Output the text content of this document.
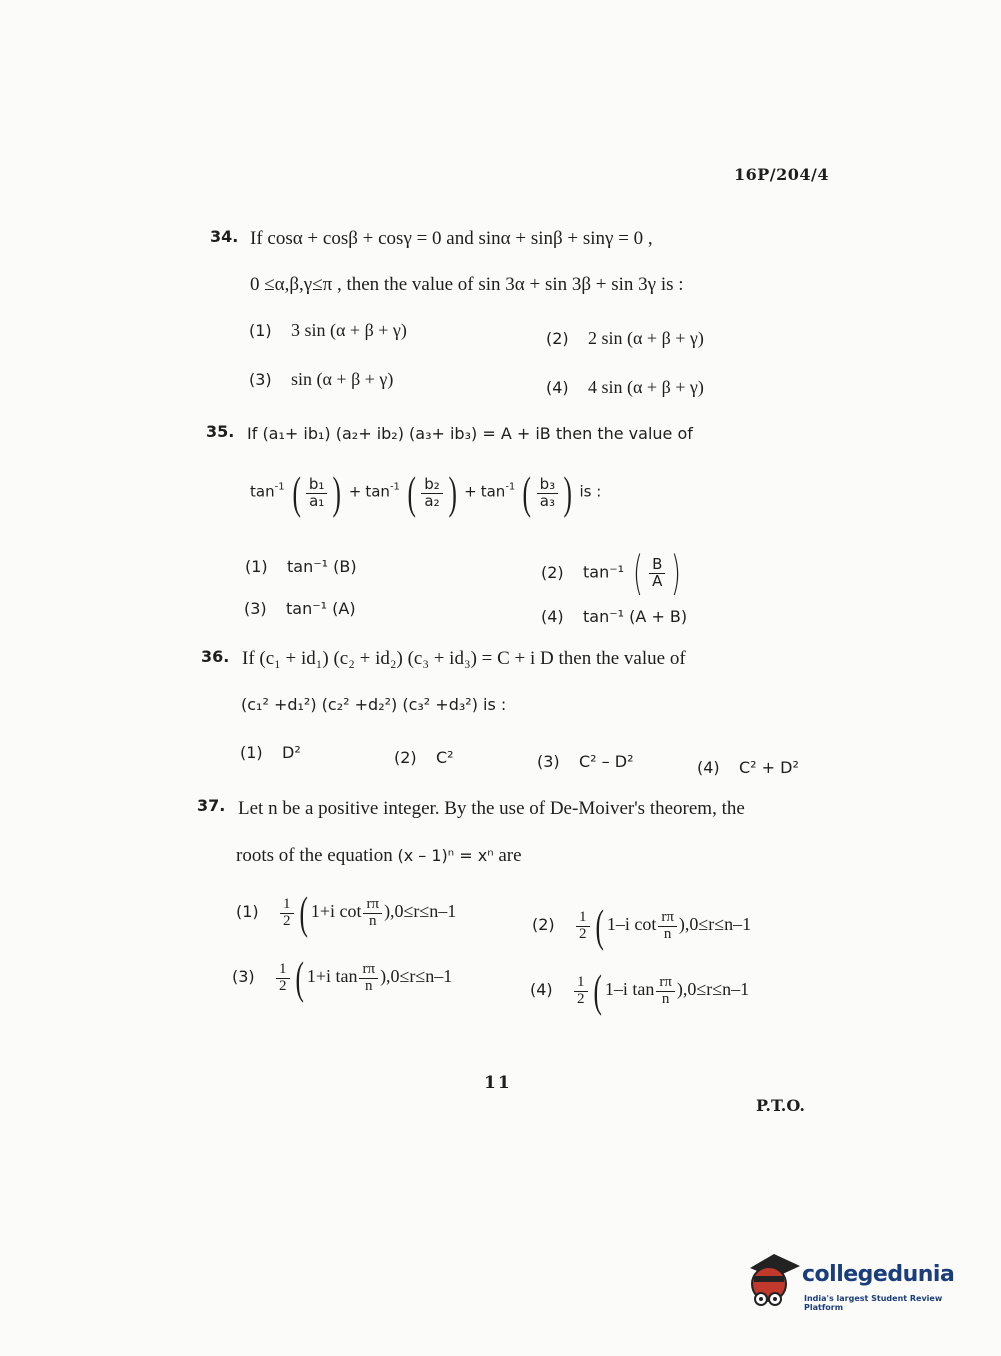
16P/204/4
34. If cosα + cosβ + cosγ = 0 and sinα + sinβ + sinγ = 0 ,
0 ≤α,β,γ≤π , then the value of sin 3α + sin 3β + sin 3γ is :
(1) 3 sin (α + β + γ)	(2) 2 sin (α + β + γ)
(3) sin (α + β + γ)	(4) 4 sin (α + β + γ)
35. If (a₁+ ib₁) (a₂+ ib₂) (a₃+ ib₃) = A + iB then the value of
$\tan^{-1}$ ( $\frac{\text{b₁}}{\text{a₁}}$ ) + $\tan^{-1}$ ( $\frac{\text{b₂}}{\text{a₂}}$ ) + $\tan^{-1}$ ( $\frac{\text{b₃}}{\text{a₃}}$ ) is :
(1) tan⁻¹ (B)	(2) tan⁻¹ ( $\frac{B}{A}$ )
(3) tan⁻¹ (A)	(4) tan⁻¹ (A + B)
36. If (c₁ + id₁) (c₂ + id₂) (c₃ + id₃) = C + i D then the value of
(c₁² +d₁²) (c₂² +d₂²) (c₃² +d₃²) is :
(1) D²	(2) C²	(3) C² – D²	(4) C² + D²
37. Let n be a positive integer. By the use of De-Moiver's theorem, the
roots of the equation (x – 1)ⁿ = xⁿ are
$(1) \frac{1}{2}$ ( 1+i $\cot \frac{r\pi}{n} ),0\le r\le n-1$
$(2) \frac{1}{2}$ ( 1–i $\cot \frac{r\pi}{n} ),0\le r\le n-1$
$(3) \frac{1}{2}$ ( 1+i $\tan \frac{r\pi}{n} ),0\le r\le n-1$
$(4) \frac{1}{2}$ ( 1–i $\tan \frac{r\pi}{n} ),0\le r\le n-1$
11
P.T.O.
collegedunia
India's largest Student Review Platform
